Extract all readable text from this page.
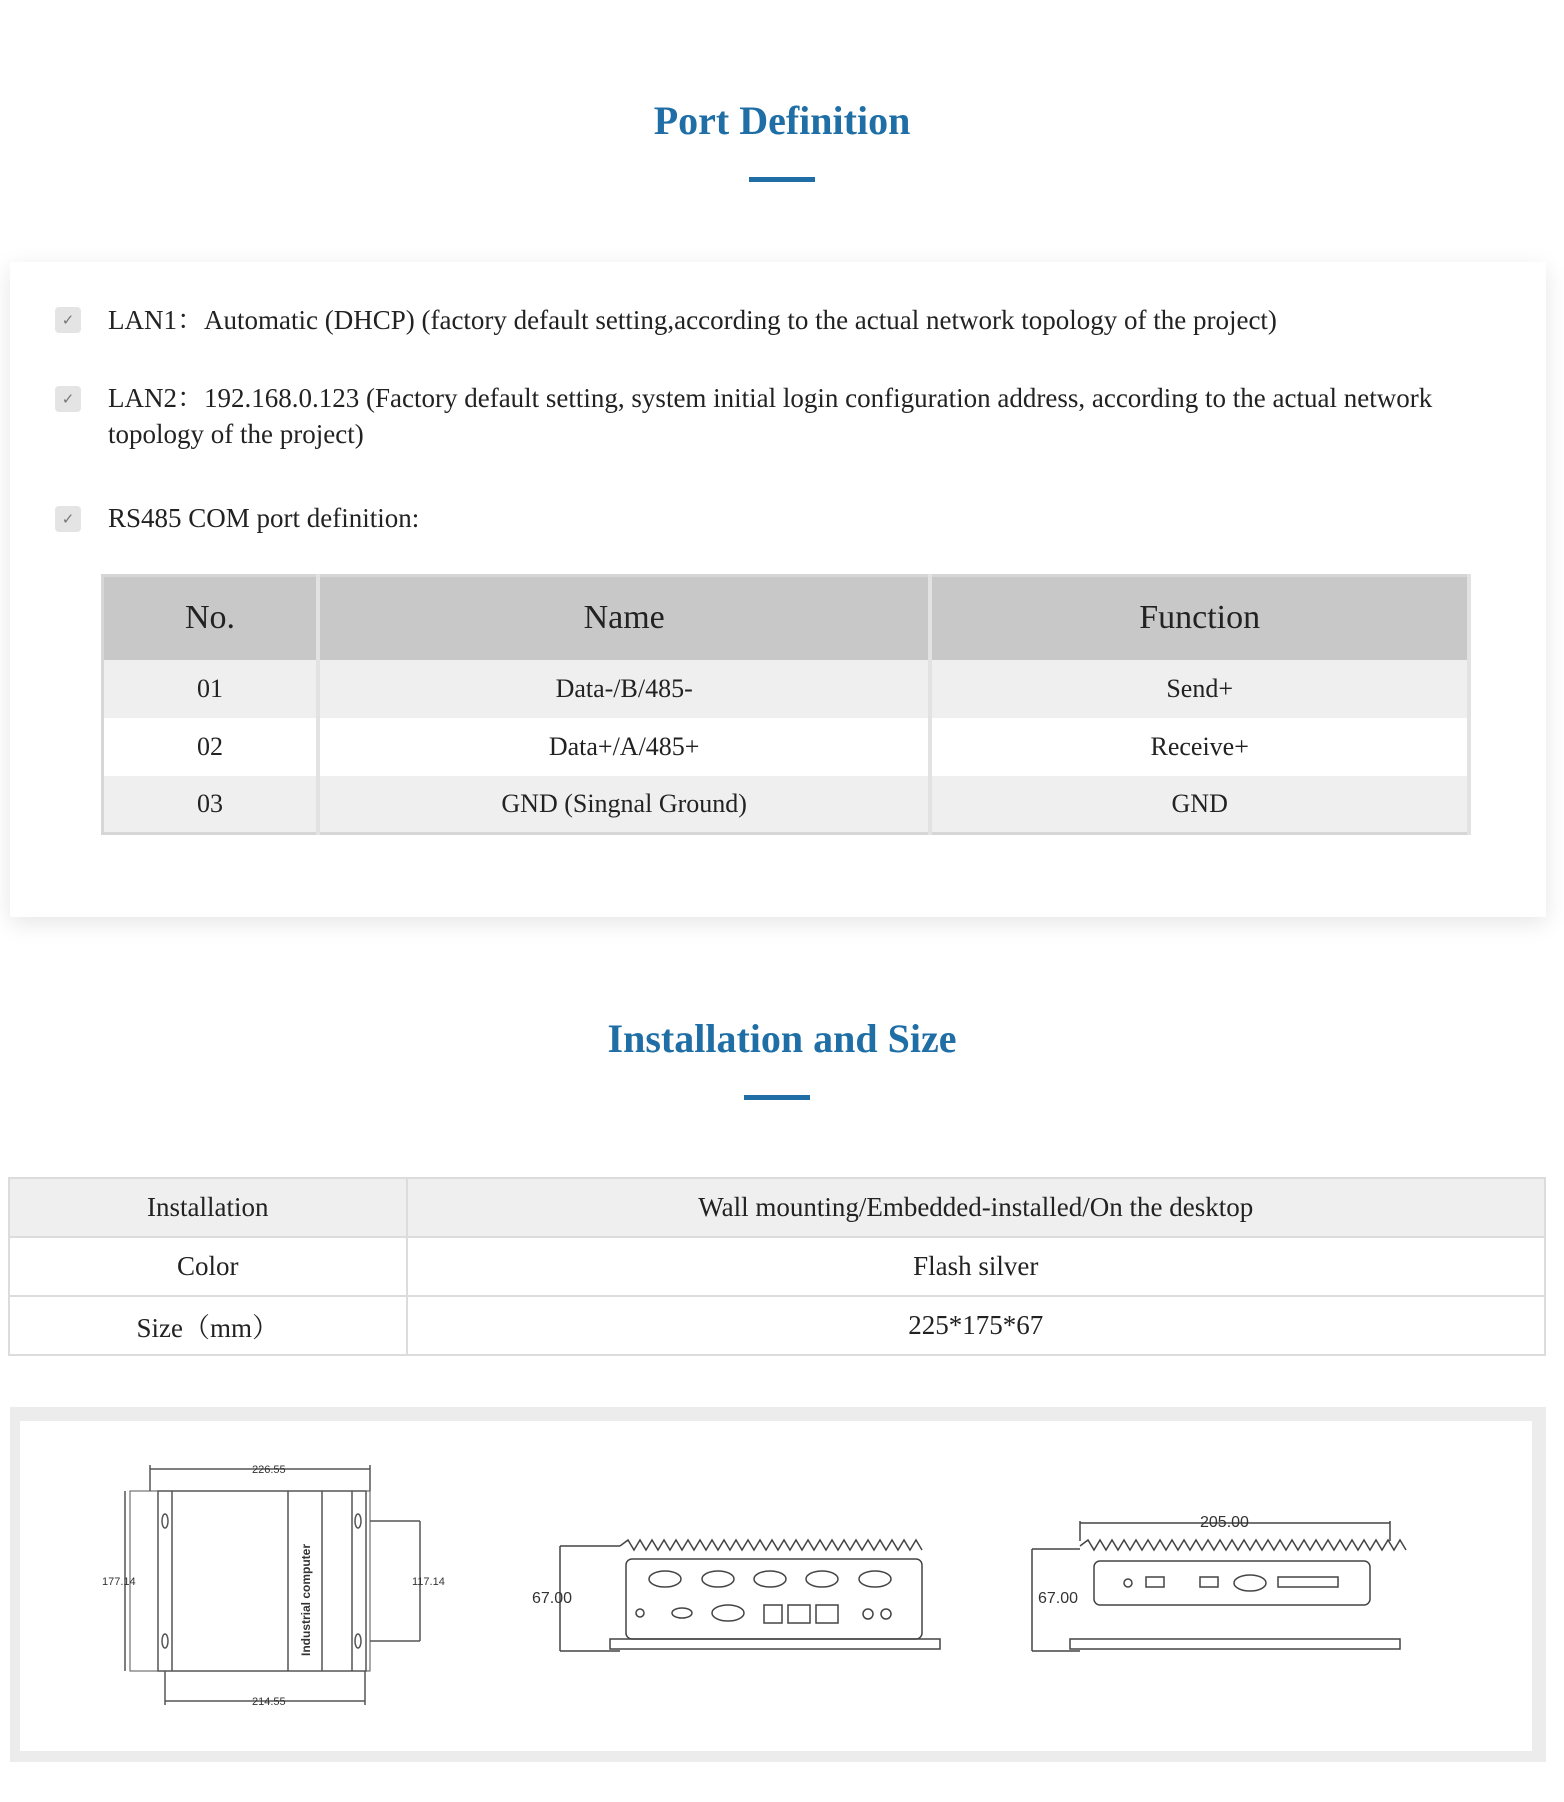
Port Definition
✓ LAN1：Automatic (DHCP) (factory default setting,according to the actual network topology of the project)
✓ LAN2：192.168.0.123 (Factory default setting, system initial login configuration address, according to the actual network
topology of the project)
✓ RS485 COM port definition:
No.	Name	Function
01	Data-/B/485-	Send+
02	Data+/A/485+	Receive+
03	GND (Singnal Ground)	GND
Installation and Size
Installation	Wall mounting/Embedded-installed/On the desktop
Color	Flash silver
Size（mm）	225*175*67
226.55
214.55
177.14	117.14
Industrial computer	67.00
205.00
67.00
